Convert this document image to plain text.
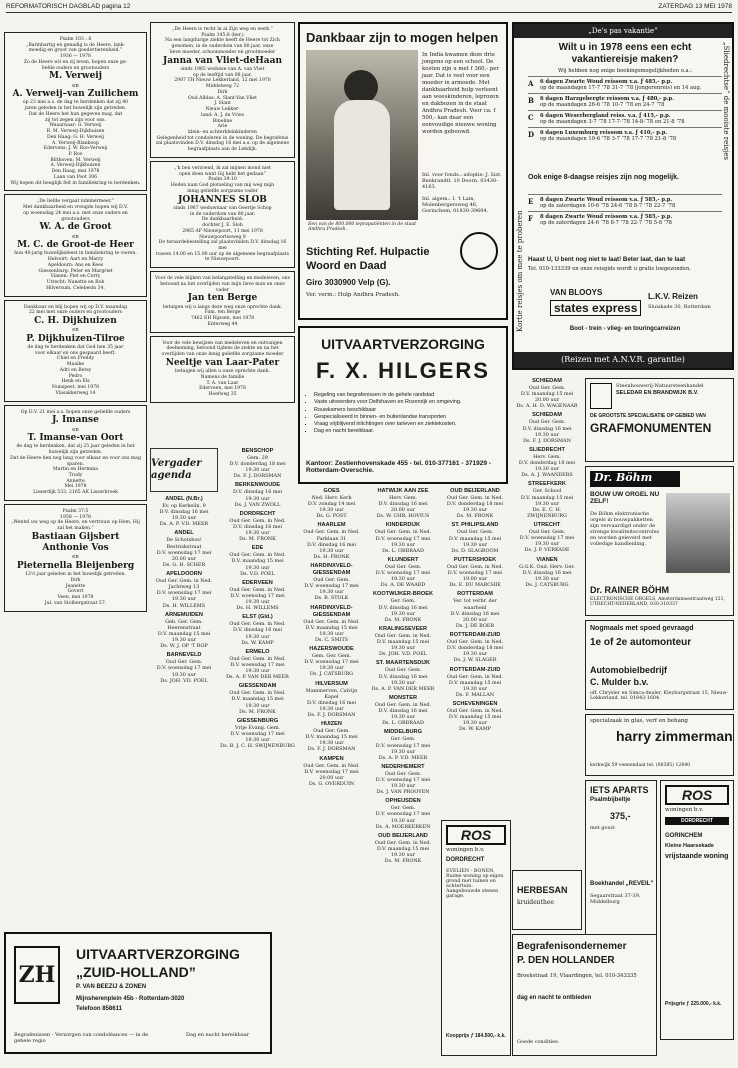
REFORMATORISCH DAGBLAD pagina 12	ZATERDAG 13 MEI 1978
Psalm 103 : 8
„Barmhartig en genadig is de Heere, lank-
moedig en groot van goedertierenheid.”
1936 — 1978
Zo de Heere wil en zij leven, hopen onze ge-
liefde ouders en grootouders
M. Verweij
en
A. Verweij–van Zuilichem
op 23 mei a.s. de dag te herdenken dat zij 40
jaren geleden in het huwelijk zijn getreden.
Dat de Heere het hun gegeven mag, dat
zij tot zegen zijn voor ons.
Waaarnaar: G. Verweij
R. M. Verweij-Dijkhuizen
Den Haag: G. H. Verweij
A. Verweij-Blankoop
Edervens: J. W. Roo-Verweij
P. Roo
Bilthoven: M. Verweij
A. Verweij-Dijkhuizen
Den Haag, mei 1978
Laan van Poot 306
Wij hopen dit heuglijk feit in familiekring te herdenken.
„De liefde vergaat nimmermeer.”
Met dankbaarheid en vreugde hopen wij D.V.
op woensdag 24 mei a.s. met onze ouders en
grootouders
W. A. de Groot
en
M. C. de Groot-de Heer
hun 40-jarig huwelijksfeest in familiekring te vieren.
Helvoirt: Aart en Marry
Apeldoorn: Ans en Kees
Giessenburg: Peter en Margriet
Vianen: Piet en Corry
Utrecht: Nanette en Rob
Hilversum, Celebesln 34.
Dankbaar en blij hopen wij op D.V. maandag
22 mei met onze ouders en grootouders
C. H. Dijkhuizen
en
P. Dijkhuizen-Tilroe
de dag te herdenken dat God hen 35 jaar
voor elkaar en ons gespaard heeft.
Chiel en Freddy
Maaike
Adri en Betsy
Pedro
Henk en Els
Nunspeet, mei 1978
Vlasakkerweg 14
Op D.V. 21 mei a.s. hopen onze geliefde ouders
J. Imanse
en
T. Imanse-van Oort
de dag te herdenken, dat zij 25 jaar geleden in het huwelijk zijn getreden.
Dat de Heere hen nog lang voor elkaar en voor ons mag sparen.
Martin en Hermina
Trudy
Annette
Mei 1978
Lisserdijk 533, 2165 AK Lisserbroek
Psalm 37:5
1958 — 1978
„Wentel uw weg op de Heere, en vertrouw op Hem, Hij zal het maken.”
Bastiaan Gijsbert Anthonie Vos
en
Pieternella Bleijenberg
12½ jaar geleden in het huwelijk getreden.
Dirk
Jeanette
Govert
Veen, mei 1978
Jul. van Stolbergstraat 57.
ZH
UITVAARTVERZORGING
„ZUID-HOLLAND”
P. VAN BEEZIJ & ZONEN
Mijnsherenplein 45b - Rotterdam-3020
Telefoon 858611
Begrafenissen - Verzorgen van condoléances — in de gehele regio
Dag en nacht bereikbaar
„De Heere is recht in al Zijn weg en werk.”
Psalm 145:8 (ber.)
Na een langdurige ziekte heeft de Heere tot Zich genomen, in de ouderdom van 80 jaar, onze
lieve moeder, schoonmoeder en grootmoeder
Janna van Vliet-deHaan
sinds 1985 weduwe van A. van Vliet
op de leeftijd van 88 jaar.
2987 TH Nieuw Lekkerland, 12 mei 1978
Middelweg 72
Dirk
Oud Alblas: A. Slant-Van Vliet
J. Slant
Nieuw Lekker-
land: A. J. de Vries
Bineline
Arie
klein- en achterkleinkinderen
Gelegenheid tot condoleren in de woning. De begrafenis zal plaatsvinden D.V. dinsdag 16 mei a.s. op de algemene begraafplaats aan de Lekdijk.
„'k ben verzoend, ik zal mijnen mond niet
open doen want Gij hebt het gedaan”
Psalm 39:10
Heden nam God plotseling van mij weg mijn
innig geliefde zorgzame vader
JOHANNES SLOB
sinds 1987 weduwnaar van Geertje Schop
in de ouderdom van 80 jaar.
De dankbaarheid:
dochter J. E. Slob
2965 AP Nieuwpoort, 11 mei 1978
Nieuwpoortseweg 8
De teraardebestelling zal plaatsvinden D.V. dinsdag 16 mei
tussen 14.00 en 15.00 uur op de algemene begraafplaats te Nieuwpoort.
Voor de vele blijken van belangstelling en medeleven, ons betoond na het overlijden van mijn lieve man en onze vader
Jan ten Berge
betuigen wij u langs deze weg onze oprechte dank.
Fam. ten Berge
7462 EH Rijssen, mei 1978
Enterweg 44
Voor de vele bewijzen van medeleven en ontvangen deelneming, betoond tijdens de ziekte en na het overlijden van onze innig geliefde zorgzame moeder
Neeltje van Laar-Pater
betuigen wij allen u onze oprechte dank.
Namens de familie
T. A. van Laar
Ederveen, mei 1978
Hoefweg 35
Vergader agenda
ANDEL (N.Br.)
Ev. op Kerkeiln. 9
D.V. dinsdag 16 mei
19.30 uur
Ds. A. P. V.D. MEER
ANDEL
De Schotsbos!
Bestriskstraat
D.V. woensdag 17 mei
20.00 uur
Ds. G. H. SCHER
APELDOORN
Oud Ger. Gem. in Ned.
Jachtweg 13
D.V. woensdag 17 mei
19.30 uur
Ds. H. WILLEMS
ARNEMUIDEN
Geb. Ger. Gem.
Heerenstraat
D.V. maandag 15 mei
19.30 uur
Ds. W. J. OP 'T ROP
BARNEVELD
Oud Ger. Gem.
D.V. woensdag 17 mei
19.30 uur
Ds. JOH. VD. POEL
BENSCHOP
Gem. 29
D.V. donderdag 18 mei
19.30 uur
Ds. F. J. DORSMAN
BERKENWOUDE
D.V. dinsdag 16 mei
19.30 uur
Ds. J. VAN ZWOLL
DORDRECHT
Oud Ger. Gem. in Ned.
D.V. dinsdag 16 mei
19.30 uur
Ds. M. FRONK
EDE
Oud Ger. Gem. in Ned.
D.V. maandag 15 mei
19.30 uur
Ds. V.D. POEL
EDERVEEN
Oud Ger. Gem. in Ned.
D.V. woensdag 17 mei
19.30 uur
Ds. H. WILLEMS
ELST (Gld.)
Oud Ger. Gem. in Ned.
D.V. dinsdag 16 mei
19.30 uur
Ds. W. KAMP
ERMELO
Oud Ger. Gem. in Ned.
D.V. woensdag 17 mei
19.30 uur
Ds. A. P. VAN DER MEER
GIESSENDAM
Oud Ger. Gem. in Ned.
D.V. maandag 15 mei
19.30 uur
Ds. M. FRONK
GIESSENBURG
Vrije Evang. Gem.
D.V. woensdag 17 mei
19.30 uur
Ds. B. J. C. H. SWIJNENBURG
GOES
Ned. Herv. Kerk
D.V. zondag 14 mei
19.30 uur
Ds. G. POST
HAARLEM
Oud Ger. Gem. in Ned.
Parklaan 31
D.V. dinsdag 16 mei
19.30 uur
Ds. H. FRONK
HARDINXVELD-GIESSENDAM
Oud Ger. Gem.
D.V. woensdag 17 mei
19.30 uur
Ds. B. STOLK
HARDINXVELD-GIESSENDAM
Oud Ger. Gem. in Ned.
D.V. maandag 15 mei
19.30 uur
Ds. C. SMITS
HAZERSWOUDE
Gem. Ger. Gem.
D.V. woensdag 17 mei
19.30 uur
Ds. J. CATSBURG
HILVERSUM
Mammerven, Calvijn Kapel
D.V. dinsdag 16 mei
19.30 uur
Ds. F. J. DORSMAN
HUIZEN
Oud Ger. Gem.
D.V. maandag 15 mei
19.30 uur
Ds. F. J. DORSMAN
KAMPEN
Oud Ger. Gem. in Ned.
D.V. woensdag 17 mei
20.00 uur
Ds. G. OVERDUIN
HATWIJK AAN ZEE
Herv. Gem.
D.V. dinsdag 16 mei
20.00 uur
Ds. W. CHR. HOVIUS
KINDERDIJK
Oud Ger. Gem. in Ned.
D.V. woensdag 17 mei
19.30 uur
Ds. L. OBBRAAD
KLUNDERT
Oud Ger. Gem.
D.V. woensdag 17 mei
19.30 uur
Ds. A. DE WAARD
KOOTWIJKER-BROEK
Ger. Gem.
D.V. dinsdag 16 mei
19.30 uur
Ds. M. FRONK
KRALINGSEVEER
Oud Ger. Gem. in Ned.
D.V. maandag 15 mei
19.30 uur
Ds. JOH. V.D. POEL
ST. MAARTENSDIJK
Oud Ger. Gem.
D.V. dinsdag 16 mei
19.30 uur
Ds. A. P. VAN DER MEER
MONSTER
Oud Ger. Gem. in Ned.
D.V. dinsdag 16 mei
19.30 uur
Ds. L. OBBRAAD
MIDDELBURG
Ger. Gem.
D.V. woensdag 17 mei
19.30 uur
Ds. A. P. V.D. MEER
NEDERHEMERT
Oud Ger. Gem.
D.V. woensdag 17 mei
19.30 uur
Ds. J. VAN PROOYEN
OPHEUSDEN
Ger. Gem.
D.V. woensdag 17 mei
19.30 uur
Ds. A. MOERKERKEN
OUD BEIJERLAND
Oud Ger. Gem. in Ned.
D.V. maandag 15 mei
19.30 uur
Ds. M. FRONK
OUD BEIJERLAND
Oud Ger. Gem. in Ned.
D.V. donderdag 18 mei
19.30 uur
Ds. M. FRONK
ST. PHILIPSLAND
Oud Ger. Gem.
D.V. maandag 15 mei
19.30 uur
Ds. D. SLAGBOOM
PUTTERSHOEK
Oud Ger. Gem. in Ned.
D.V. woensdag 17 mei
19.00 uur
Ds. E. DU MARCHIE
ROTTERDAM
Ver. tot verbr. der waarheid
D.V. dinsdag 16 mei
20.00 uur
Ds. J. DE BOER
ROTTERDAM-ZUID
Oud Ger. Gem. in Ned.
D.V. donderdag 18 mei
19.30 uur
Ds. J. W. SLAGER
ROTTERDAM-ZUID
Oud Ger. Gem. in Ned.
D.V. maandag 15 mei
19.30 uur
Ds. F. MALLAN
SCHEVENINGEN
Oud Ger. Gem. in Ned.
D.V. maandag 15 mei
19.30 uur
Ds. W. KAMP
SCHIEDAM
Oud Ger. Gem.
D.V. maandag 15 mei
20.00 uur
Ds. A. H. D. WAGENAAR
SCHIEDAM
Oud Ger. Gem.
D.V. dinsdag 16 mei
19.30 uur
Ds. F. J. DORSMAN
SLIEDRECHT
Herv. Gem.
D.V. donderdag 18 mei
19.30 uur
Ds. A. J. WAANDERS
STREEFKERK
Ger. School
D.V. maandag 15 mei
19.30 uur
Ds. E. C. H. ZWIJNENBURG
UTRECHT
Oud Ger. Gem.
D.V. woensdag 17 mei
19.30 uur
Ds. J. P. VERKADE
VIANEN
G.G.K. Oud. Herv. Ger.
D.V. dinsdag 16 mei
19.30 uur
Ds. J. CATSBURG
Dankbaar zijn to mogen helpen
Een van de 800.000 leprapatiënten in de staat Andhra Pradesh.
In India kwamen deze drie jongens op een school. De kosten zijn u met f 360,- per jaar. Dat is veel voor een moeder in armoede. Met dankbaarheid hulp verleent aan weeskinderen, leprozen en dakbozen in de staat Andhra Pradesh. Voor ca. f 500,- kan daar een eenvoudige nieuwe woning worden gebouwd.
Inl. voor fonds.: adoptie: J. Sist. Benkrandtl. 10 Doorn. 03430-4163.
Inl. algem.: I. 't Lam, Molenbergersweg 46, Gorinchem, 01830-39604.
Stichting Ref. Hulpactie
Woord en Daad
Giro 3030900 Velp (G).
Ver. verm.: Hulp Andhra Pradesh.
UITVAARTVERZORGING
F. X. HILGERS
▪ Regeling van begrafenissen in de gehele randstad
▪ Vaste uitvoerders voor Delfshaven en Rozenrijk en omgeving.
▪ Rouwkamers beschikbaar
▪ Gespecialiseerd in binnen- en buitenlandse transporten
▪ Vraag vrijblijvend inlichtingen over tarieven en ziektekosten.
▪ Dag en nacht bereikbaar.
Kantoor: Zestienhovenskade 455 - tel. 010-377161 - 371929 - Rotterdam-Overschie.
„De's pas vakantie”
Kortie reisjes om mee te proberen
„Sliedrechtse” de mooiste reisjes
Wilt u in 1978 eens een echt
vakantiereisje maken?
Wij hebben nog enige boekingsmogelijkheden o.a.:
A	6 dagen Zwarte Woud reissom v.a. ƒ 485,- p.p.
op de maandagen 17-7 ʼ78 31-7 ʼ78 (jongerenreis) en 14 aug.
B	6 dagen Harzgebergte reissom v.a. ƒ 480,- p.p.
op de maandagen 26-6 ʼ78 10-7 ʼ78 en 24-7 ʼ78
C	6 dagen Weserbergland reiss. v.a. ƒ 415,- p.p.
op de maandagen 3-7 ʼ78 17-7-ʼ78 14-8-ʼ78 en 21-8 ʼ78
D	6 dagen Luxemburg reissom v.a. ƒ 410,- p.p.
op de maandagen 19-6 ʼ78 3-7 ʼ78 17-7 ʼ78 21-8 ʼ78
Ook enige 8-daagse reisjes zijn nog mogelijk.
E	8 dagen Zwarte Woud reissom v.a. ƒ 585,- p.p.
op de zaterdagen 10-6 ʼ78 24-6 ʼ78 8-7 ʼ78 22-7 ʼ78
F	8 dagen Zwarte Woud reissom v.a. ƒ 585,- p.p.
op de zaterdagen 24-6 ʼ78 8-7 ʼ78 22-7 ʼ78 5-8 ʼ78
Haast U, U bent nog niet te laat! Beter laat, dan te laat
Tel. 010-133339 en onze reisgids wordt u gratis toegezonden.
VAN BLOOYS
states express
L.K.V. Reizen
Sluiskade 30, Rotterdam
Boot - trein - vlieg- en touringcarreizen
(Reizen met A.N.V.R. garantie)
Steenhouwerij-Natuursteenhandel
SELEDAR EN BRANDWIJK B.V.
DE GROOTSTE SPECIALISATIE OP GEBIED VAN
GRAFMONUMENTEN
Dr. Böhm
BOUW UW ORGEL NU ZELF!
De Böhm elektronische orgels in bouwpakketten zijn vervaardigd onder de strenge kwaliteitscontroles en worden geleverd met volledige handleiding.
Dr. RAINER BÖHM
ELECTRONISCHE ORGELS, Amsterdamsestraatweg 121, UTRECHT-NEDERLAND, 030-310337
Nogmaals met spoed gevraagd
1e of 2e automonteur
Automobielbedrijf
C. Mulder b.v.
off. Chrysler en Simca-dealer, Kleyburgstraat 15, Nieuw-Lekkerland, tel. 01843-1604.
specialzaak in glas, verf en behang
harry zimmerman
kerkwijk 59 veenendaal tel. (08385) 12640
IETS APARTS
Psalmbijbeltje
375,-
met goud-
Boekhandel „REVEIL”
Segaarstraat 37-39, Middelburg
ROS
woningen b.v.
DORDRECHT
GORINCHEM
Kleine Haarsekade
vrijstaande woning
Prijsgrie ƒ 225.000,- k.k.
ROS
woningen b.v.
DORDRECHT
EVELIEN - BONEN. Ruime woning op eigen grond met tuinen en achtertuin. Aangebouwde stenen garage.
Koopprijs ƒ 184.500,- k.k.
HERBESAN
kruidenthee
Begrafenisondernemer
P. DEN HOLLANDER
Broekstraat 19, Vlaardingen, tel. 010-343335
dag en nacht te ontbieden
Goede condities.
